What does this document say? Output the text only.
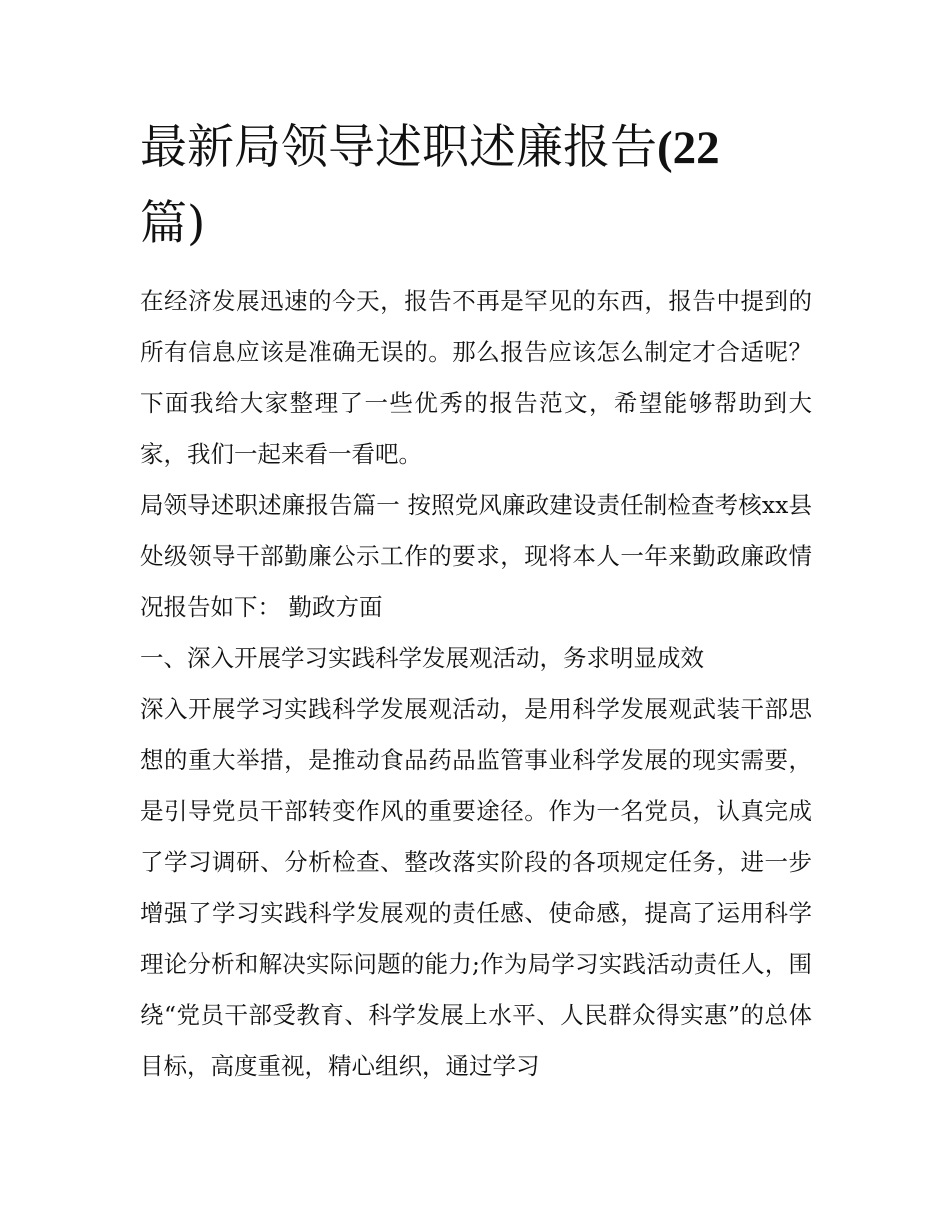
最新局领导述职述廉报告(22
篇)

在经济发展迅速的今天，报告不再是罕见的东西，报告中提到的所有信息应该是准确无误的。那么报告应该怎么制定才合适呢？下面我给大家整理了一些优秀的报告范文，希望能够帮助到大家，我们一起来看一看吧。

局领导述职述廉报告篇一 按照党风廉政建设责任制检查考核xx县处级领导干部勤廉公示工作的要求，现将本人一年来勤政廉政情况报告如下： 勤政方面

一、深入开展学习实践科学发展观活动，务求明显成效

深入开展学习实践科学发展观活动，是用科学发展观武装干部思想的重大举措，是推动食品药品监管事业科学发展的现实需要，是引导党员干部转变作风的重要途径。作为一名党员，认真完成了学习调研、分析检查、整改落实阶段的各项规定任务，进一步增强了学习实践科学发展观的责任感、使命感，提高了运用科学理论分析和解决实际问题的能力;作为局学习实践活动责任人，围绕“党员干部受教育、科学发展上水平、人民群众得实惠”的总体目标，高度重视，精心组织，通过学习
